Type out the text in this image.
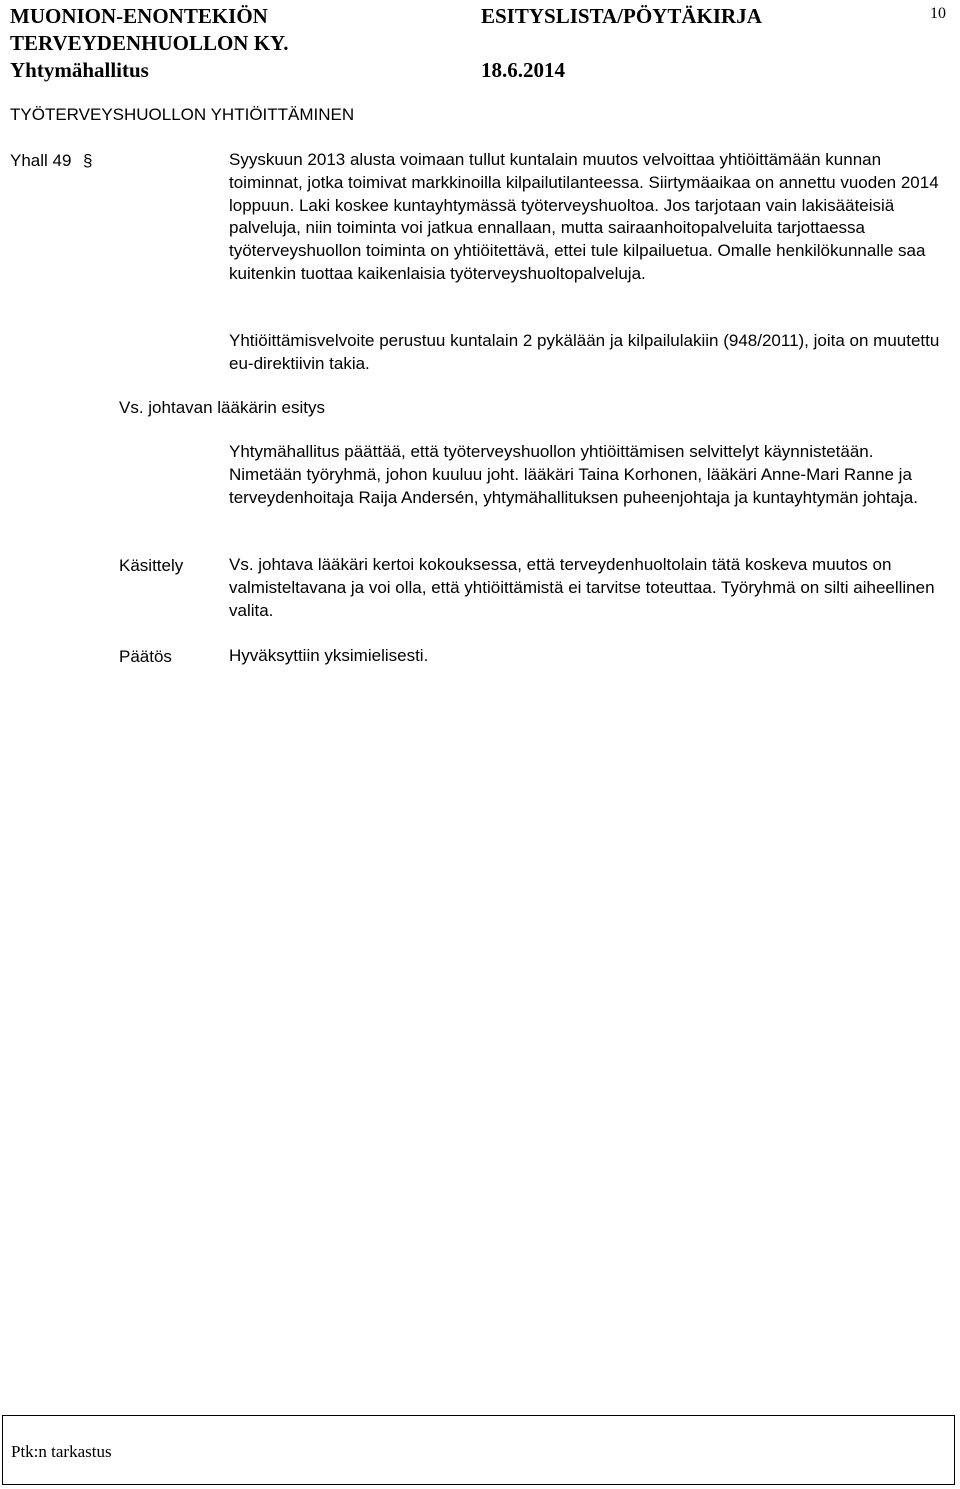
MUONION-ENONTEKIÖN
TERVEYDENHUOLLON KY.
Yhtymähallitus
ESITYSLISTA/PÖYTÄKIRJA
18.6.2014
10
TYÖTERVEYSHUOLLON YHTIÖITTÄMINEN
Yhall 49 §	Syyskuun 2013 alusta voimaan tullut kuntalain muutos velvoittaa yhtiöittämään kunnan toiminnat, jotka toimivat markkinoilla kilpailutilanteessa. Siirtymäaikaa on annettu vuoden 2014 loppuun. Laki koskee kuntayhtymässä työterveyshuoltoa. Jos tarjotaan vain lakisääteisiä palveluja, niin toiminta voi jatkua ennallaan, mutta sairaanhoitopalveluita tarjottaessa työterveyshuollon toiminta on yhtiöitettävä, ettei tule kilpailuetua. Omalle henkilökunnalle saa kuitenkin tuottaa kaikenlaisia työterveyshuoltopalveluja.
Yhtiöittämisvelvoite perustuu kuntalain 2 pykälään ja kilpailulakiin (948/2011), joita on muutettu eu-direktiivin takia.
Vs. johtavan lääkärin esitys
Yhtymähallitus päättää, että työterveyshuollon yhtiöittämisen selvittelyt käynnistetään. Nimetään työryhmä, johon kuuluu joht. lääkäri Taina Korhonen, lääkäri Anne-Mari Ranne ja terveydenhoitaja Raija Andersén, yhtymähallituksen puheenjohtaja ja kuntayhtymän johtaja.
Käsittely	Vs. johtava lääkäri kertoi kokouksessa, että terveydenhuoltolain tätä koskeva muutos on valmisteltavana ja voi olla, että yhtiöittämistä ei tarvitse toteuttaa. Työryhmä on silti aiheellinen valita.
Päätös	Hyväksyttiin yksimielisesti.
Ptk:n tarkastus
